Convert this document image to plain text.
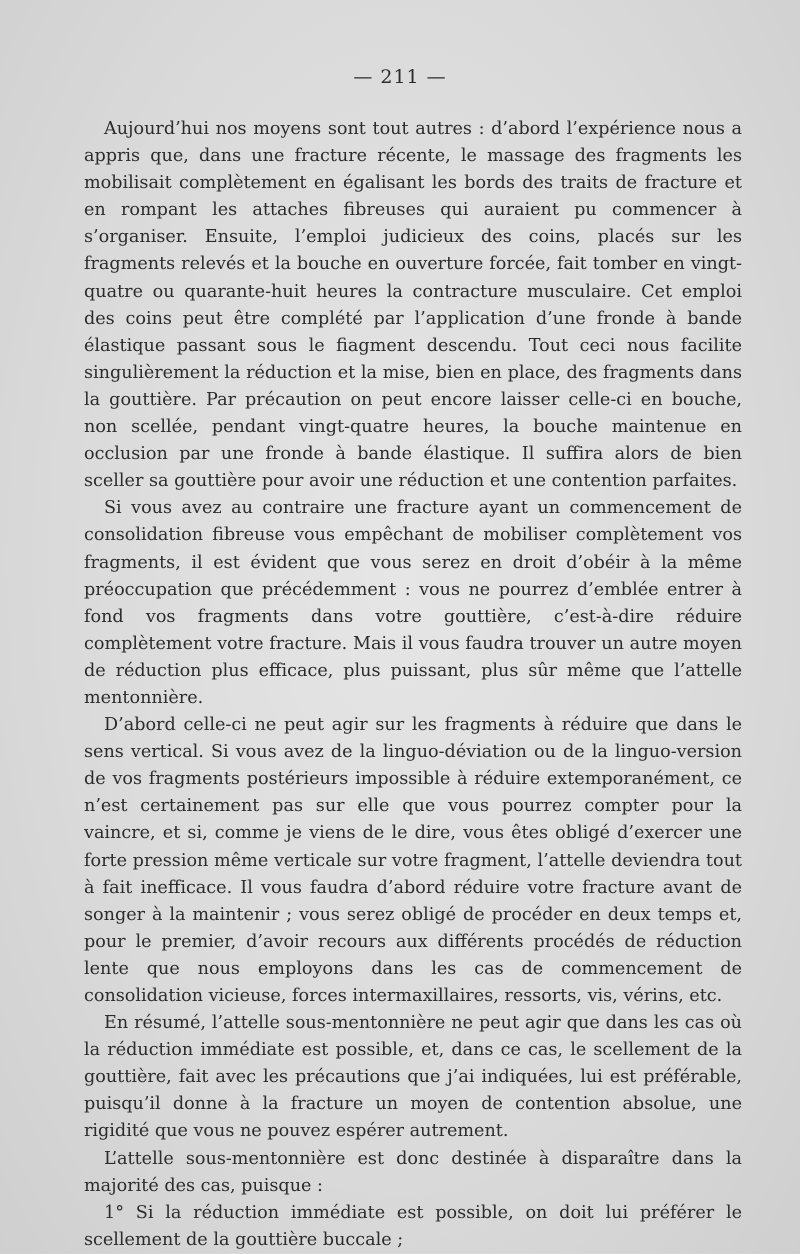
— 211 —

Aujourd’hui nos moyens sont tout autres : d’abord l’expérience nous a appris que, dans une fracture récente, le massage des fragments les mobilisait complètement en égalisant les bords des traits de fracture et en rompant les attaches fibreuses qui auraient pu commencer à s’organiser. Ensuite, l’emploi judicieux des coins, placés sur les fragments relevés et la bouche en ouverture forcée, fait tomber en vingt-quatre ou quarante-huit heures la contracture musculaire. Cet emploi des coins peut être complété par l’application d’une fronde à bande élastique passant sous le fiagment descendu. Tout ceci nous facilite singulièrement la réduction et la mise, bien en place, des fragments dans la gouttière. Par précaution on peut encore laisser celle-ci en bouche, non scellée, pendant vingt-quatre heures, la bouche maintenue en occlusion par une fronde à bande élastique. Il suffira alors de bien sceller sa gouttière pour avoir une réduction et une contention parfaites.

Si vous avez au contraire une fracture ayant un commencement de consolidation fibreuse vous empêchant de mobiliser complètement vos fragments, il est évident que vous serez en droit d’obéir à la même préoccupation que précédemment : vous ne pourrez d’emblée entrer à fond vos fragments dans votre gouttière, c’est-à-dire réduire complètement votre fracture. Mais il vous faudra trouver un autre moyen de réduction plus efficace, plus puissant, plus sûr même que l’attelle mentonnière.

D’abord celle-ci ne peut agir sur les fragments à réduire que dans le sens vertical. Si vous avez de la linguo-déviation ou de la linguo-version de vos fragments postérieurs impossible à réduire extemporanément, ce n’est certainement pas sur elle que vous pourrez compter pour la vaincre, et si, comme je viens de le dire, vous êtes obligé d’exercer une forte pression même verticale sur votre fragment, l’attelle deviendra tout à fait inefficace. Il vous faudra d’abord réduire votre fracture avant de songer à la maintenir ; vous serez obligé de procéder en deux temps et, pour le premier, d’avoir recours aux différents procédés de réduction lente que nous employons dans les cas de commencement de consolidation vicieuse, forces intermaxillaires, ressorts, vis, vérins, etc.

En résumé, l’attelle sous-mentonnière ne peut agir que dans les cas où la réduction immédiate est possible, et, dans ce cas, le scellement de la gouttière, fait avec les précautions que j’ai indiquées, lui est préférable, puisqu’il donne à la fracture un moyen de contention absolue, une rigidité que vous ne pouvez espérer autrement.

L’attelle sous-mentonnière est donc destinée à disparaître dans la majorité des cas, puisque :

1° Si la réduction immédiate est possible, on doit lui préférer le scellement de la gouttière buccale ;
